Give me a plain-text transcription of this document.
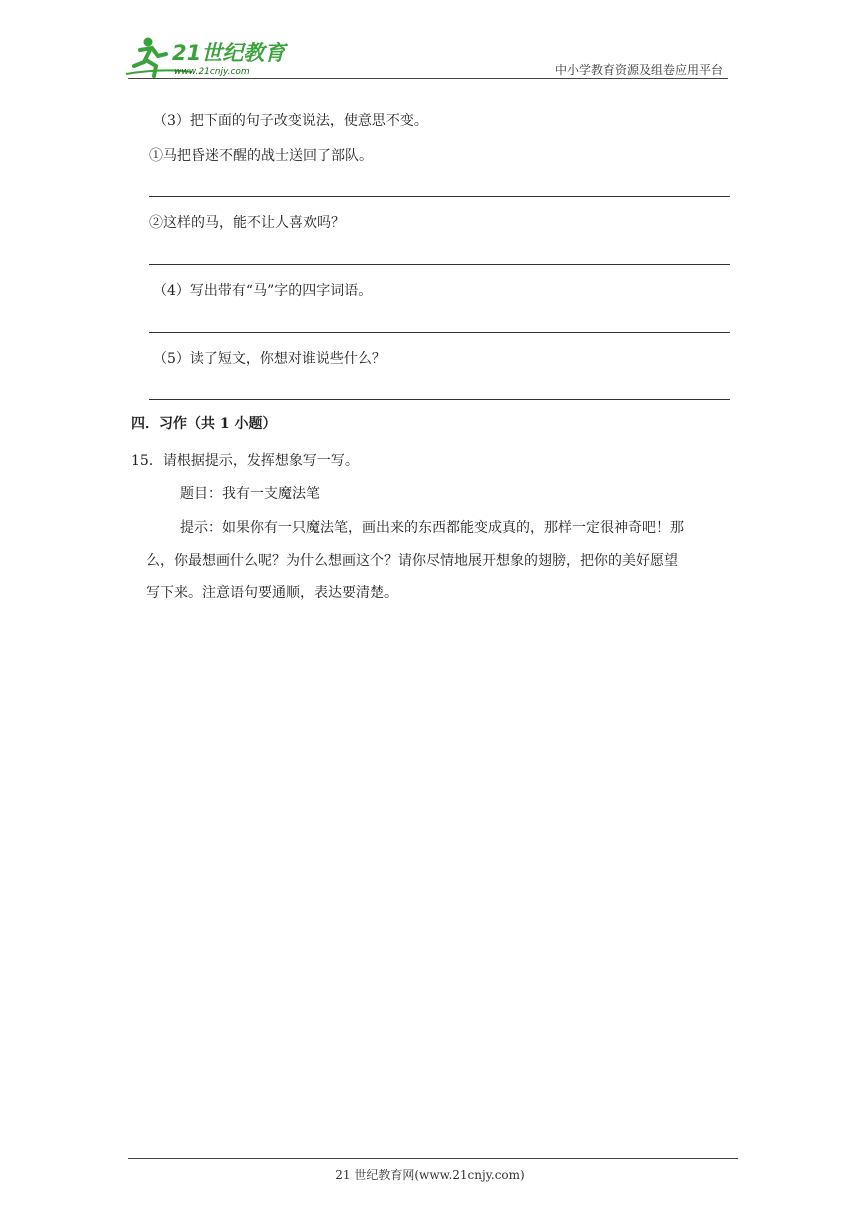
21世纪教育
www.21cnjy.com	中小学教育资源及组卷应用平台
（3）把下面的句子改变说法，使意思不变。
①马把昏迷不醒的战士送回了部队。
②这样的马，能不让人喜欢吗？
（4）写出带有“马”字的四字词语。
（5）读了短文，你想对谁说些什么？
四．习作（共 1 小题）
15．请根据提示，发挥想象写一写。
题目：我有一支魔法笔
提示：如果你有一只魔法笔，画出来的东西都能变成真的，那样一定很神奇吧！那
么，你最想画什么呢？为什么想画这个？请你尽情地展开想象的翅膀，把你的美好愿望
写下来。注意语句要通顺，表达要清楚。
21 世纪教育网(www.21cnjy.com)
